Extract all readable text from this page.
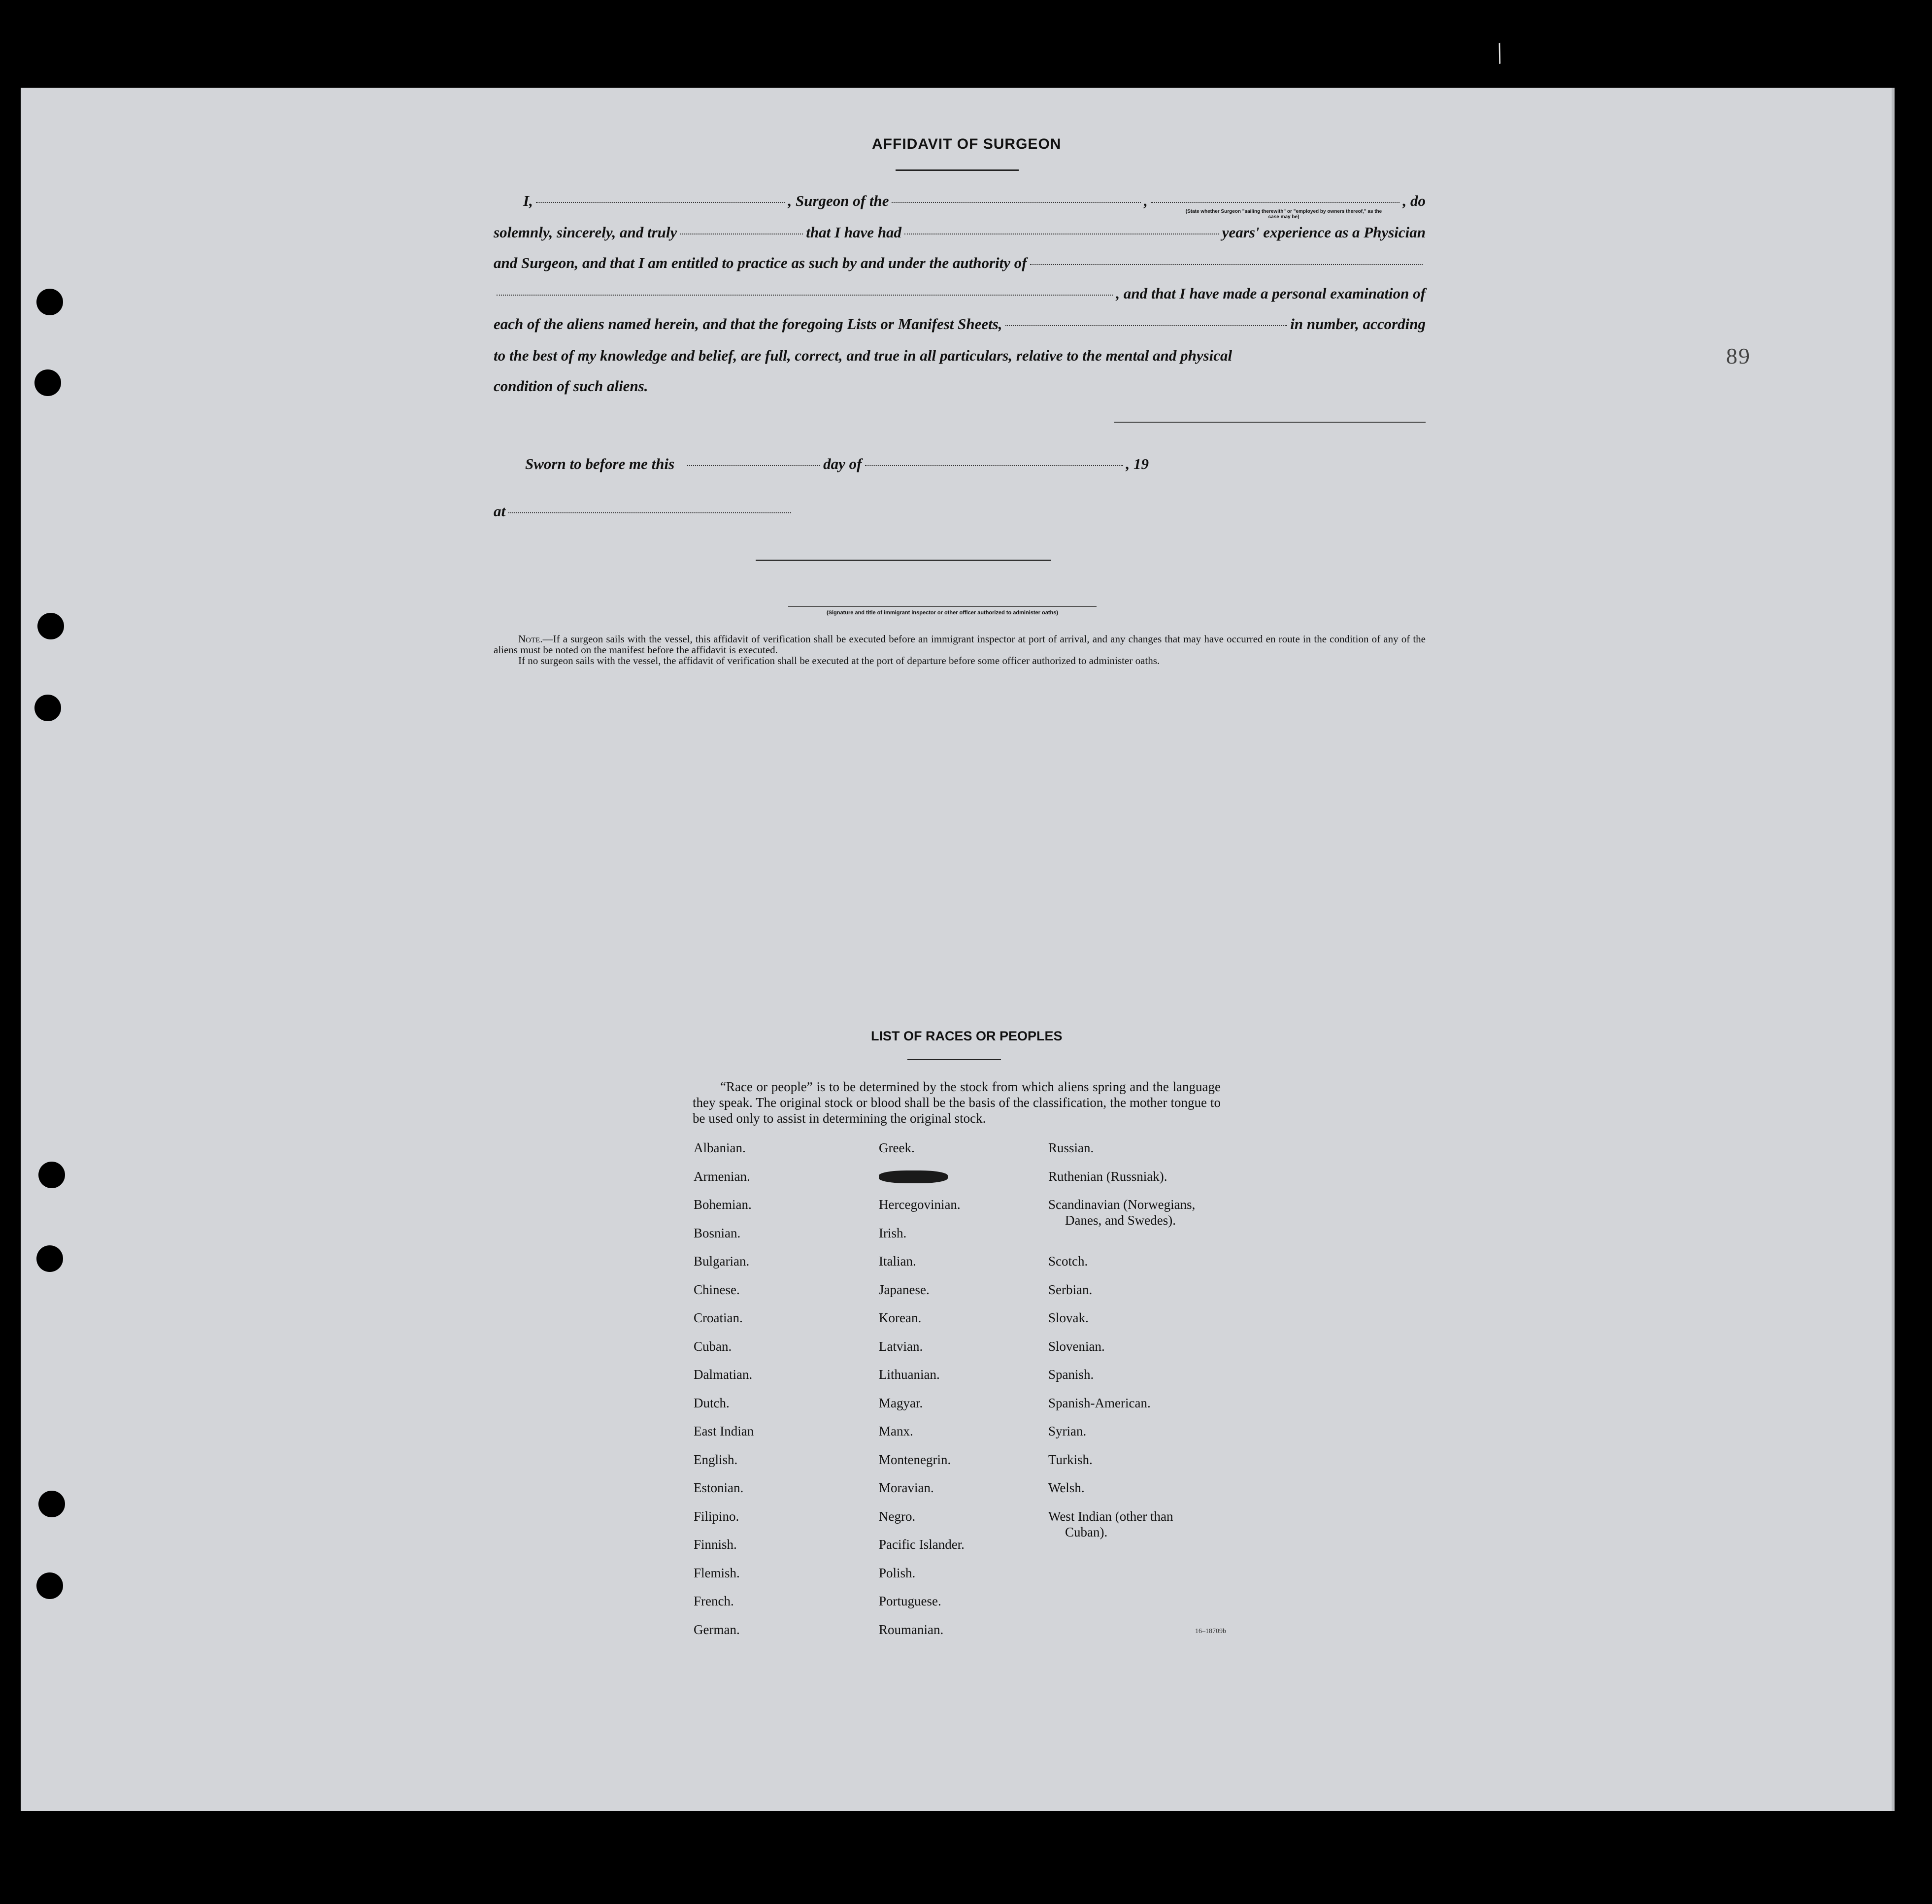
89
AFFIDAVIT OF SURGEON
I,	, Surgeon of the	,	, do
(State whether Surgeon "sailing therewith" or "employed by owners thereof," as the case may be)
solemnly, sincerely, and truly	that I have had	years' experience as a Physician
and Surgeon, and that I am entitled to practice as such by and under the authority of
, and that I have made a personal examination of
each of the aliens named herein, and that the foregoing Lists or Manifest Sheets,	in number, according
to the best of my knowledge and belief, are full, correct, and true in all particulars, relative to the mental and physical
condition of such aliens.
Sworn to before me this	day of	, 19
at
(Signature and title of immigrant inspector or other officer authorized to administer oaths)

Note.—If a surgeon sails with the vessel, this affidavit of verification shall be executed before an immigrant inspector at port of arrival, and any changes that may have occurred en route in the condition of any of the aliens must be noted on the manifest before the affidavit is executed.

If no surgeon sails with the vessel, the affidavit of verification shall be executed at the port of departure before some officer authorized to administer oaths.

LIST OF RACES OR PEOPLES

“Race or people” is to be determined by the stock from which aliens spring and the language they speak. The original stock or blood shall be the basis of the classification, the mother tongue to be used only to assist in determining the original stock.

Albanian.
Armenian.
Bohemian.
Bosnian.
Bulgarian.
Chinese.
Croatian.
Cuban.
Dalmatian.
Dutch.
East Indian
English.
Estonian.
Filipino.
Finnish.
Flemish.
French.
German.
Greek.
Hercegovinian.
Irish.
Italian.
Japanese.
Korean.
Latvian.
Lithuanian.
Magyar.
Manx.
Montenegrin.
Moravian.
Negro.
Pacific Islander.
Polish.
Portuguese.
Roumanian.
Russian.
Ruthenian (Russniak).
Scandinavian (Norwegians,
Danes, and Swedes).
Scotch.
Serbian.
Slovak.
Slovenian.
Spanish.
Spanish-American.
Syrian.
Turkish.
Welsh.
West Indian (other than
Cuban).
16–18709b
/
